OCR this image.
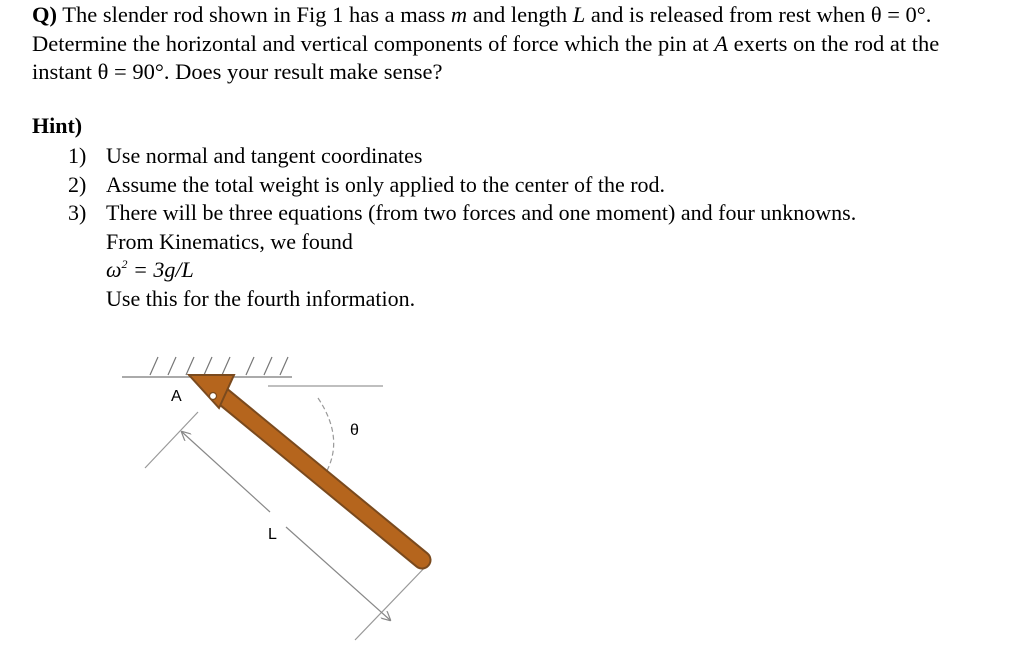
Q) The slender rod shown in Fig 1 has a mass m and length L and is released from rest when θ = 0°. Determine the horizontal and vertical components of force which the pin at A exerts on the rod at the instant θ = 90°. Does your result make sense?
Hint)
1) Use normal and tangent coordinates
2) Assume the total weight is only applied to the center of the rod.
3) There will be three equations (from two forces and one moment) and four unknowns.
From Kinematics, we found
$\omega^2 = 3g/L$
Use this for the fourth information.
A
θ
L
